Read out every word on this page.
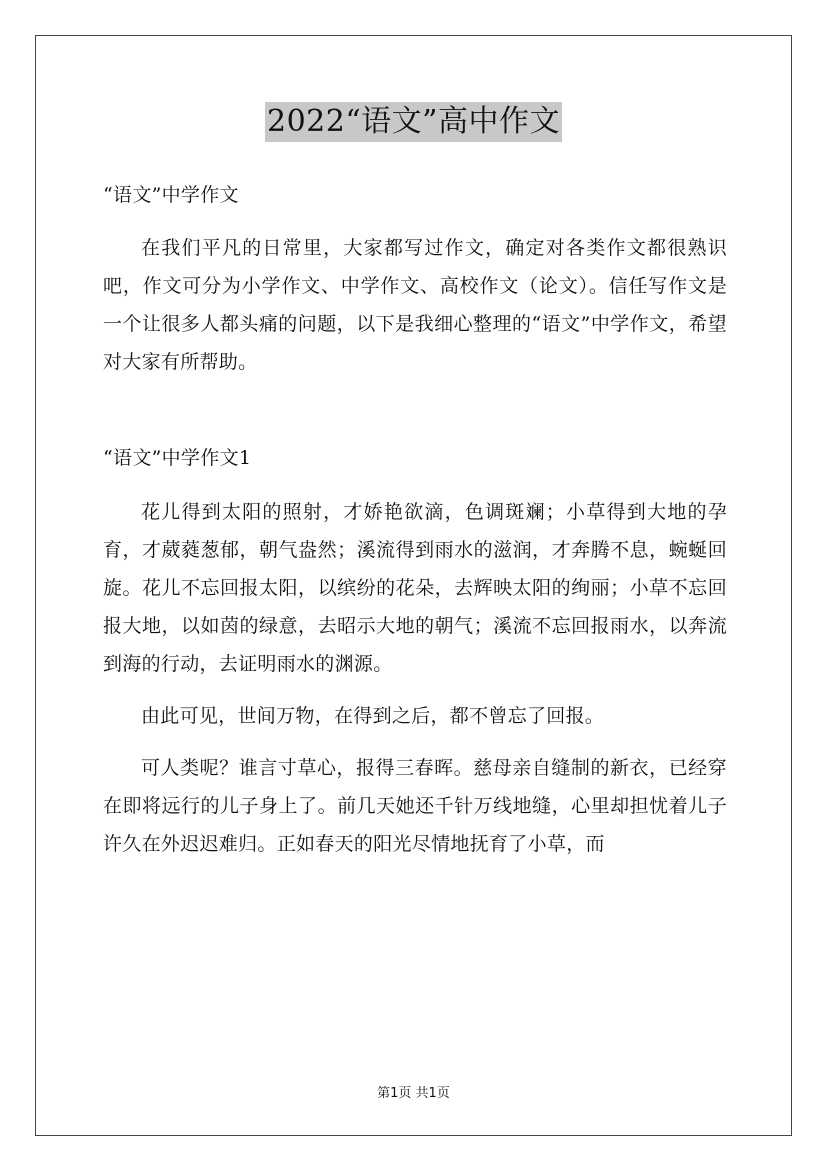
2022“语文”高中作文

“语文”中学作文

在我们平凡的日常里，大家都写过作文，确定对各类作文都很熟识吧，作文可分为小学作文、中学作文、高校作文（论文）。信任写作文是一个让很多人都头痛的问题，以下是我细心整理的“语文”中学作文，希望对大家有所帮助。

“语文”中学作文1

花儿得到太阳的照射，才娇艳欲滴，色调斑斓；小草得到大地的孕育，才葳蕤葱郁，朝气盎然；溪流得到雨水的滋润，才奔腾不息，蜿蜒回旋。花儿不忘回报太阳，以缤纷的花朵，去辉映太阳的绚丽；小草不忘回报大地，以如茵的绿意，去昭示大地的朝气；溪流不忘回报雨水，以奔流到海的行动，去证明雨水的渊源。

由此可见，世间万物，在得到之后，都不曾忘了回报。

可人类呢？谁言寸草心，报得三春晖。慈母亲自缝制的新衣，已经穿在即将远行的儿子身上了。前几天她还千针万线地缝，心里却担忧着儿子许久在外迟迟难归。正如春天的阳光尽情地抚育了小草，而

第1页 共1页
